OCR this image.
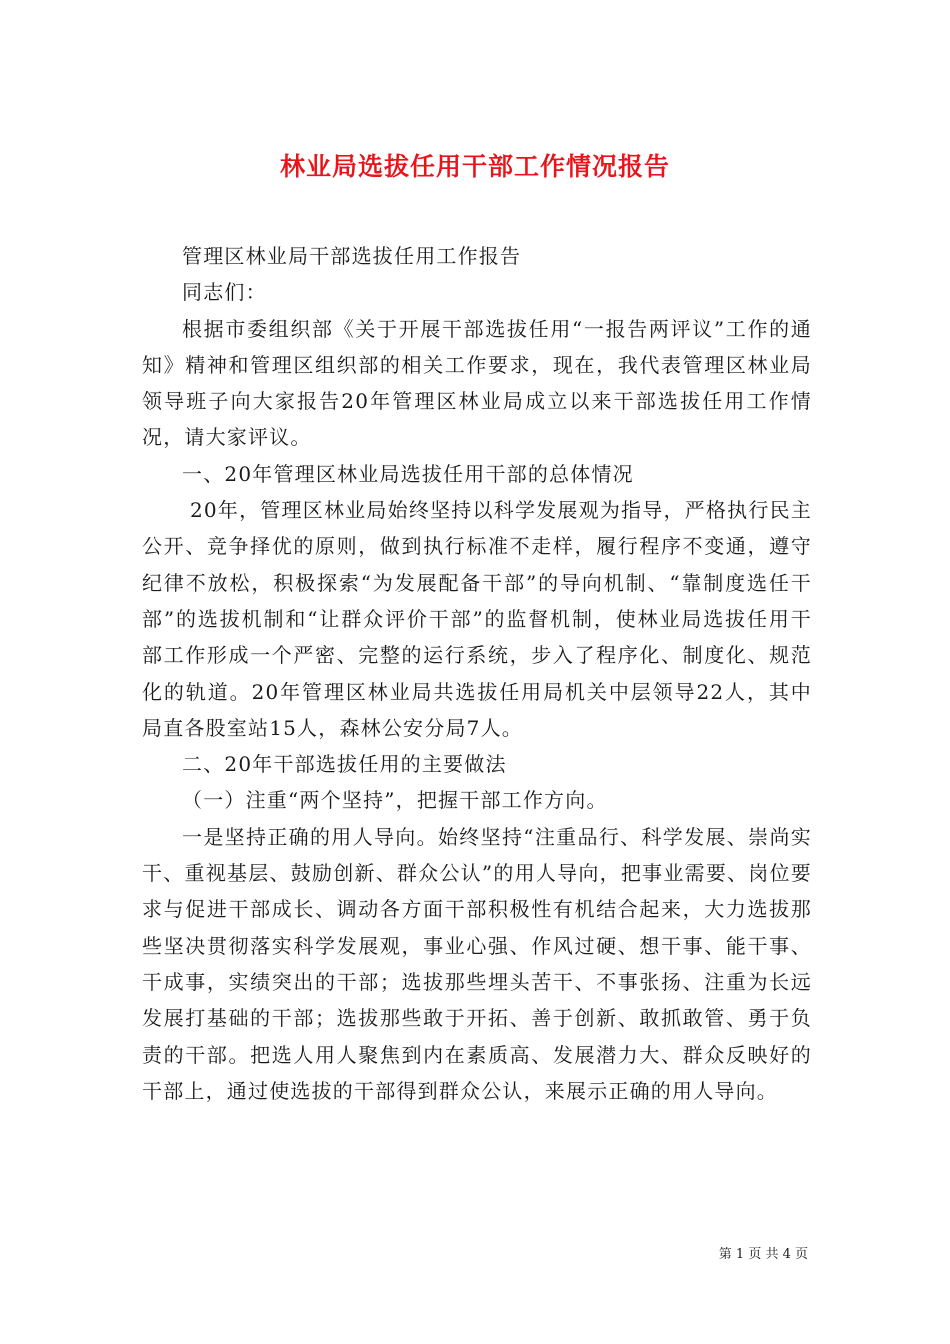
林业局选拔任用干部工作情况报告

管理区林业局干部选拔任用工作报告

同志们：

根据市委组织部《关于开展干部选拔任用“一报告两评议”工作的通知》精神和管理区组织部的相关工作要求，现在，我代表管理区林业局领导班子向大家报告20年管理区林业局成立以来干部选拔任用工作情况，请大家评议。

一、20年管理区林业局选拔任用干部的总体情况

20年，管理区林业局始终坚持以科学发展观为指导，严格执行民主公开、竞争择优的原则，做到执行标准不走样，履行程序不变通，遵守纪律不放松，积极探索“为发展配备干部”的导向机制、“靠制度选任干部”的选拔机制和“让群众评价干部”的监督机制，使林业局选拔任用干部工作形成一个严密、完整的运行系统，步入了程序化、制度化、规范化的轨道。20年管理区林业局共选拔任用局机关中层领导22人，其中局直各股室站15人，森林公安分局7人。

二、20年干部选拔任用的主要做法

（一）注重“两个坚持”，把握干部工作方向。

一是坚持正确的用人导向。始终坚持“注重品行、科学发展、崇尚实干、重视基层、鼓励创新、群众公认”的用人导向，把事业需要、岗位要求与促进干部成长、调动各方面干部积极性有机结合起来，大力选拔那些坚决贯彻落实科学发展观，事业心强、作风过硬、想干事、能干事、干成事，实绩突出的干部；选拔那些埋头苦干、不事张扬、注重为长远发展打基础的干部；选拔那些敢于开拓、善于创新、敢抓敢管、勇于负责的干部。把选人用人聚焦到内在素质高、发展潜力大、群众反映好的干部上，通过使选拔的干部得到群众公认，来展示正确的用人导向。

第 1 页 共 4 页
